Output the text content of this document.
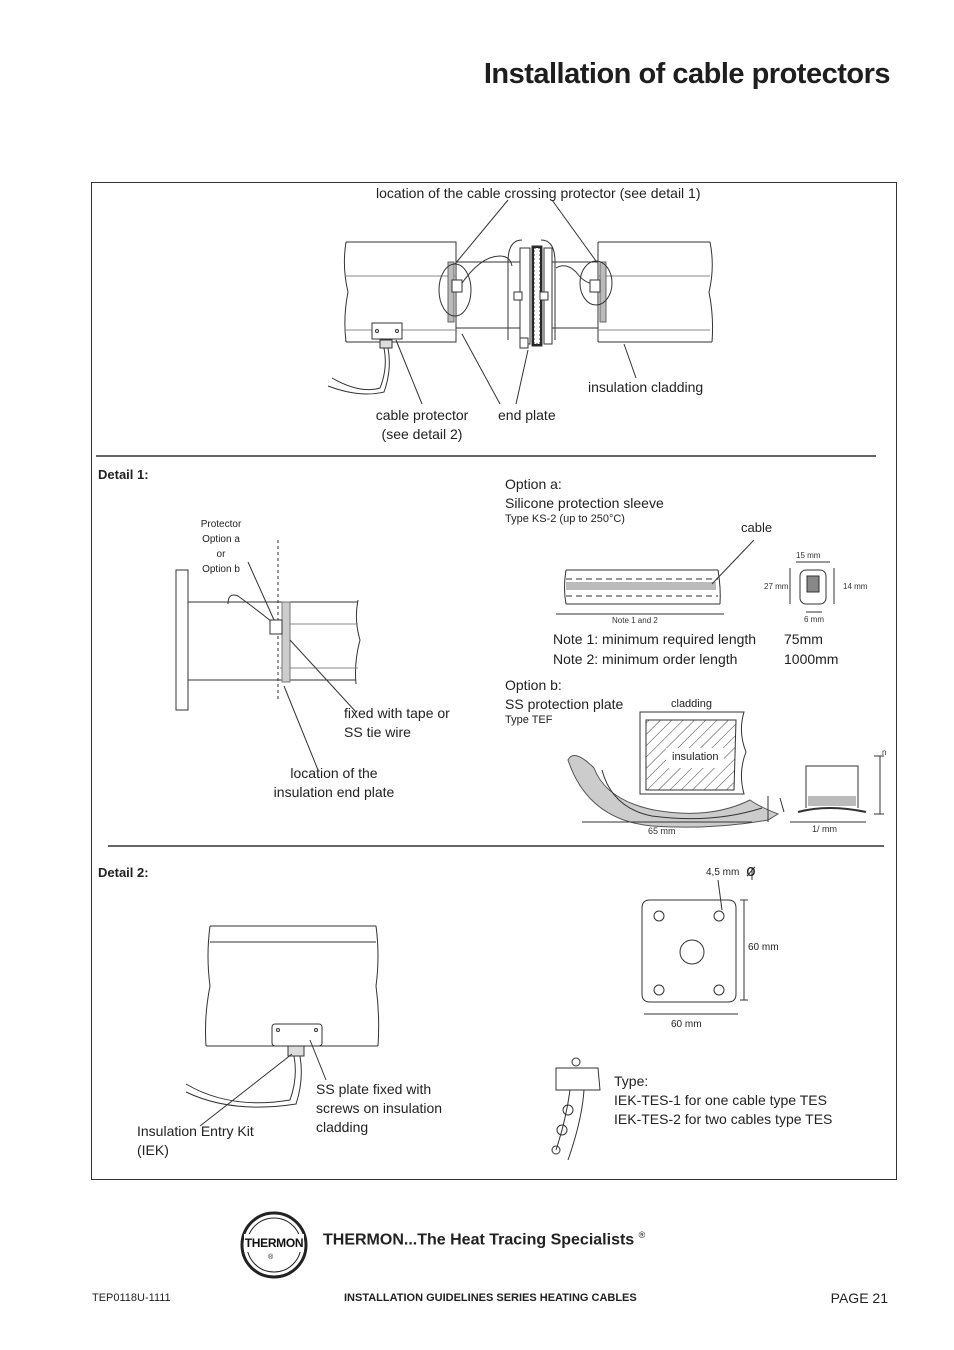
Installation of cable protectors
ø
location of the cable crossing protector (see detail 1)
insulation cladding
cable protector
(see detail 2)
end plate
Detail 1:
Protector
Option a
or
Option b
fixed with tape or
SS tie wire
location of the
insulation end plate
Option a:
Silicone protection sleeve
Type KS-2 (up to 250°C)
cable
15 mm
27 mm	14 mm
6 mm
Note 1 and 2
Note 1: minimum required length 75mm
Note 2: minimum order length	1000mm
Option b:
SS protection plate
Type TEF
cladding
insulation
65 mm	1/ mm
n
Detail 2:	4,5 mm
60 mm
60 mm
Insulation Entry Kit
(IEK)
SS plate fixed with
screws on insulation
cladding
Type:
IEK-TES-1 for one cable type TES
IEK-TES-2 for two cables type TES
THERMON
®
THERMON...The Heat Tracing Specialists ®
TEP0118U-1111	INSTALLATION GUIDELINES SERIES HEATING CABLES	PAGE 21
